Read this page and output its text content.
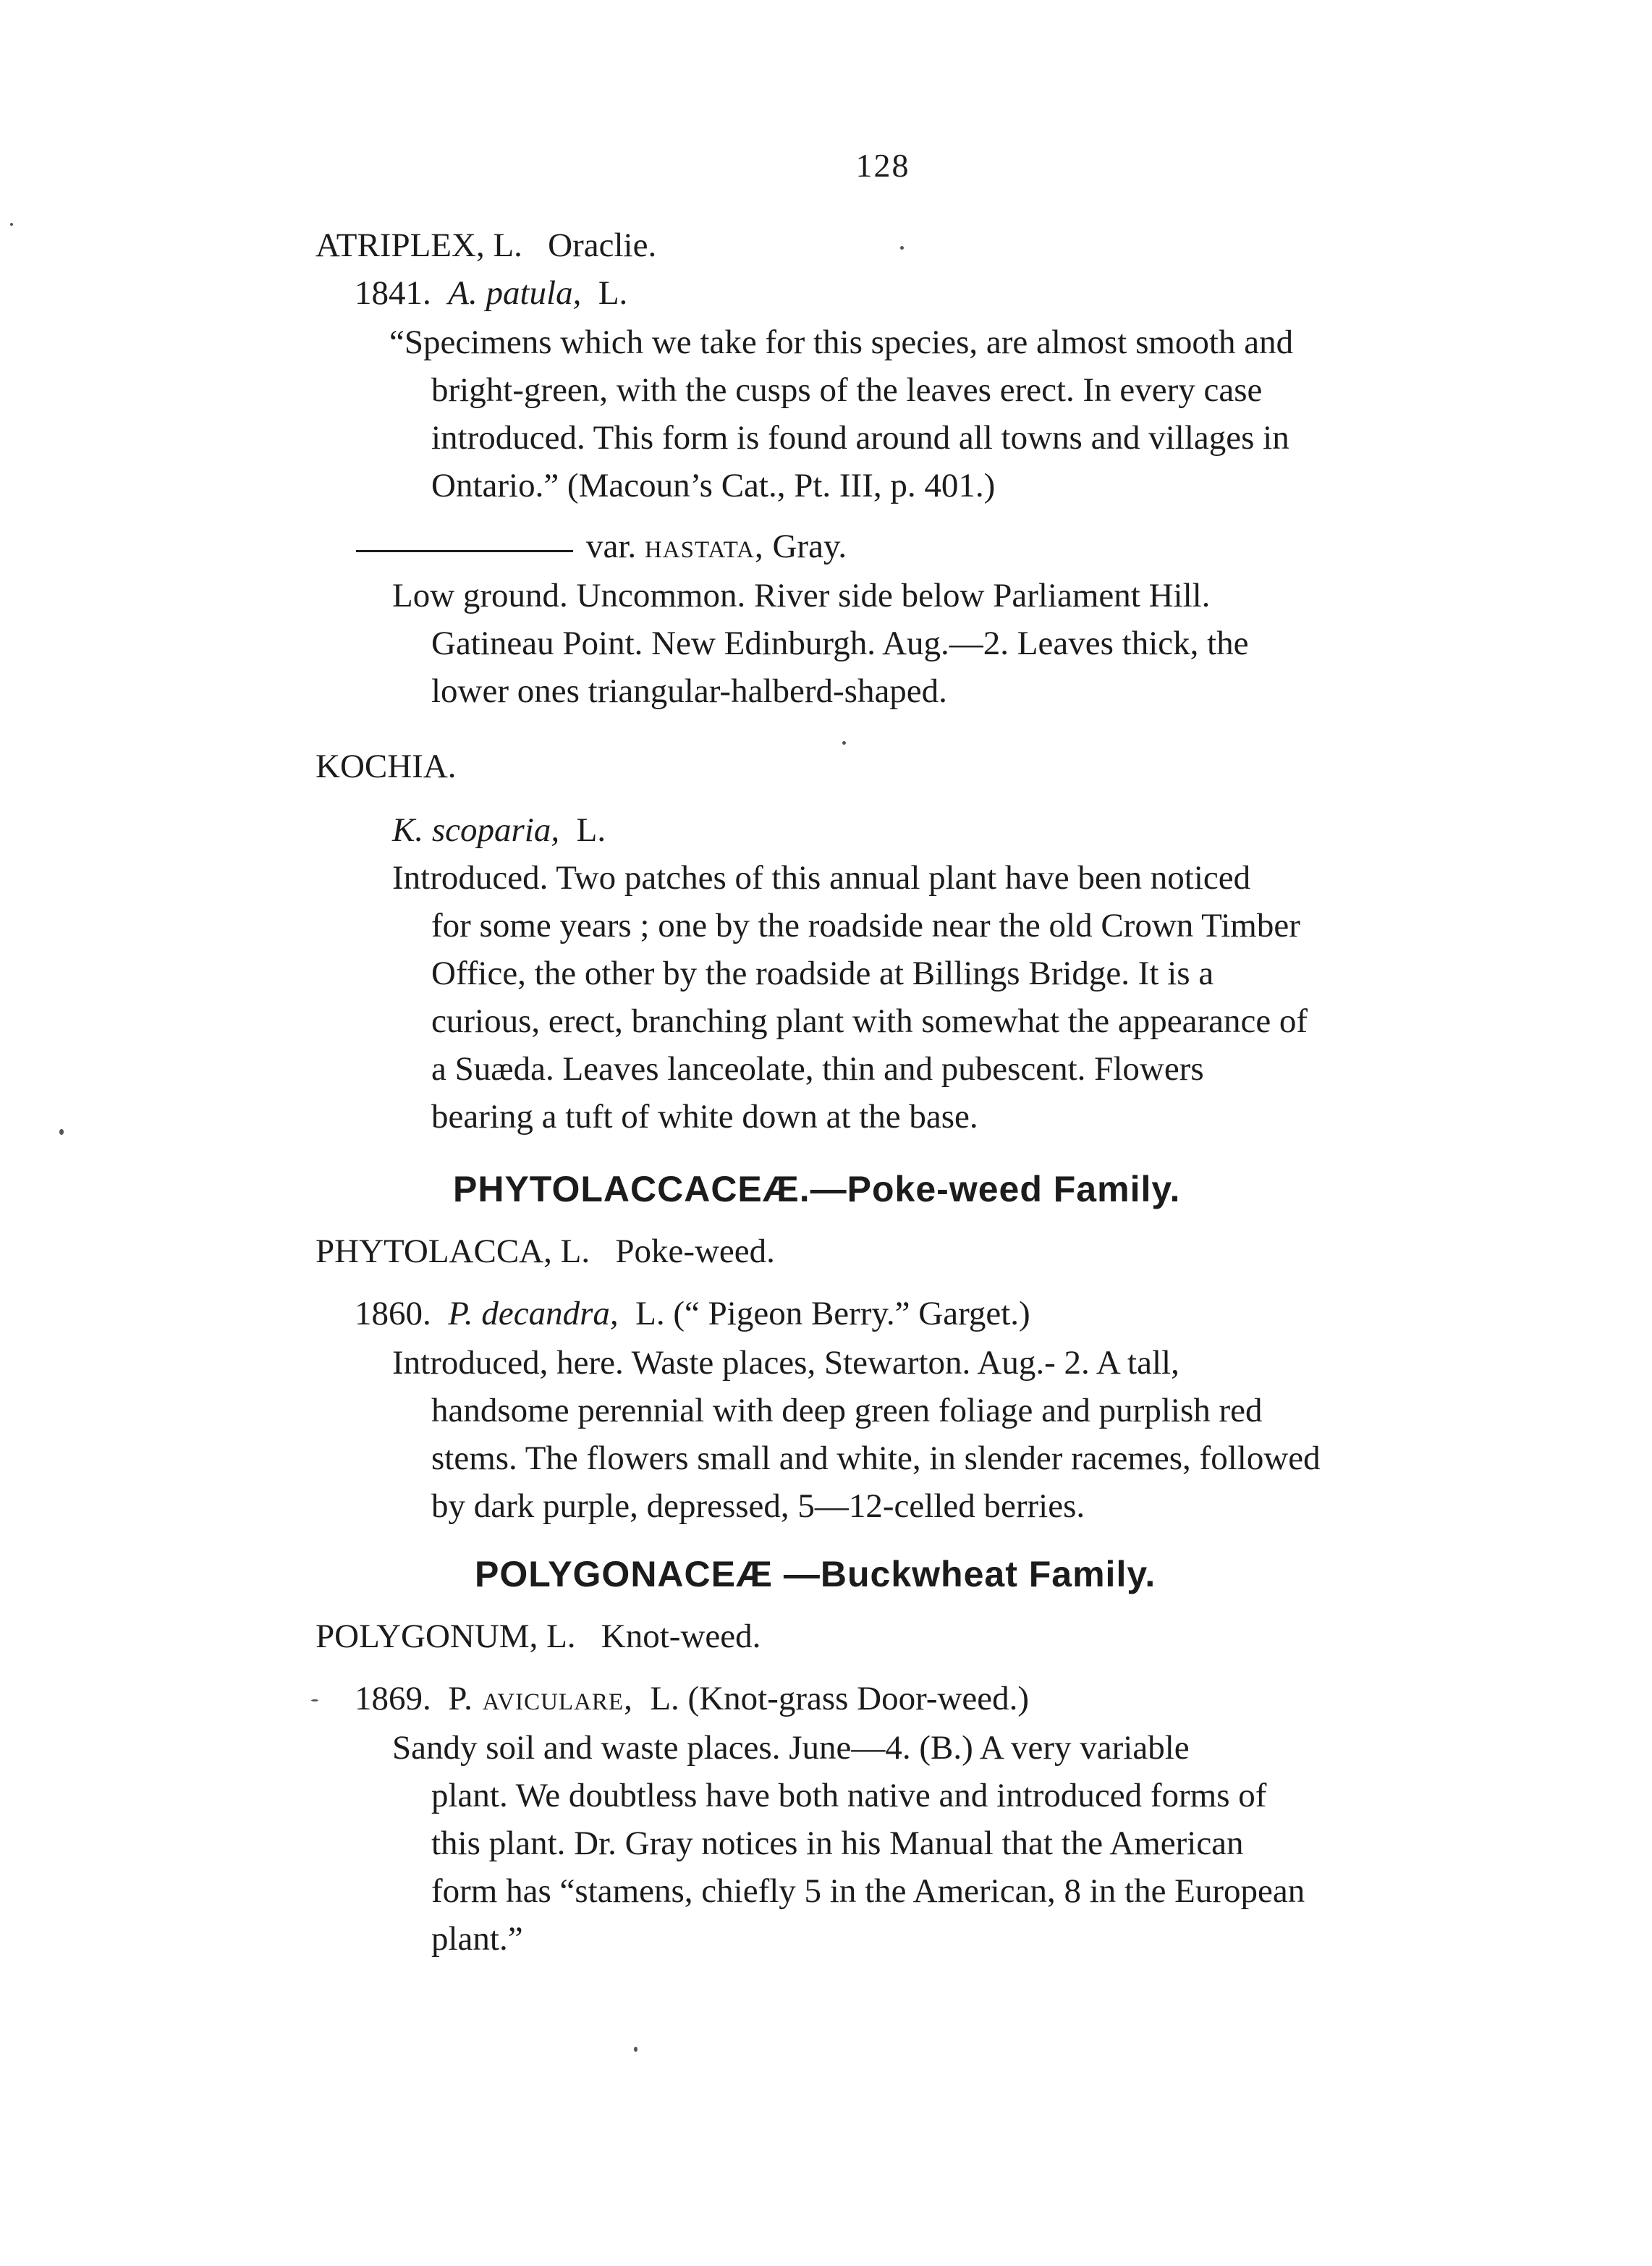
128
ATRIPLEX, L. Oraclie.
1841. A. patula, L.
“Specimens which we take for this species, are almost smooth and
bright-green, with the cusps of the leaves erect. In every case
introduced. This form is found around all towns and villages in
Ontario.” (Macoun’s Cat., Pt. III, p. 401.)
var. hastata, Gray.
Low ground. Uncommon. River side below Parliament Hill.
Gatineau Point. New Edinburgh. Aug.—2. Leaves thick, the
lower ones triangular-halberd-shaped.
KOCHIA.
K. scoparia, L.
Introduced. Two patches of this annual plant have been noticed
for some years ; one by the roadside near the old Crown Timber
Office, the other by the roadside at Billings Bridge. It is a
curious, erect, branching plant with somewhat the appearance of
a Suæda. Leaves lanceolate, thin and pubescent. Flowers
bearing a tuft of white down at the base.
PHYTOLACCACEÆ.—Poke-weed Family.
PHYTOLACCA, L. Poke-weed.
1860. P. decandra, L. (“ Pigeon Berry.” Garget.)
Introduced, here. Waste places, Stewarton. Aug.- 2. A tall,
handsome perennial with deep green foliage and purplish red
stems. The flowers small and white, in slender racemes, followed
by dark purple, depressed, 5—12-celled berries.
POLYGONACEÆ —Buckwheat Family.
POLYGONUM, L. Knot-weed.
1869. P. aviculare, L. (Knot-grass Door-weed.)
Sandy soil and waste places. June—4. (B.) A very variable
plant. We doubtless have both native and introduced forms of
this plant. Dr. Gray notices in his Manual that the American
form has “stamens, chiefly 5 in the American, 8 in the European
plant.”
